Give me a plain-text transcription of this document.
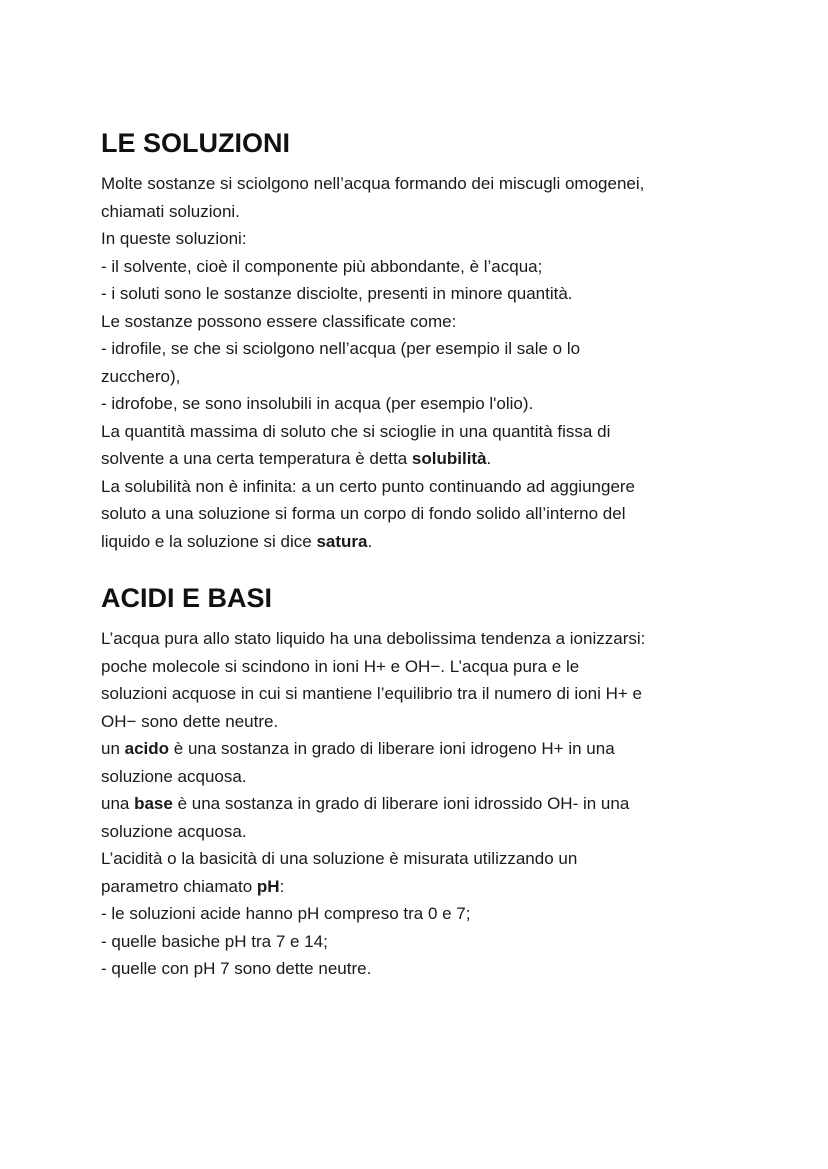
LE SOLUZIONI

Molte sostanze si sciolgono nell’acqua formando dei miscugli omogenei,

chiamati soluzioni.

In queste soluzioni:

- il solvente, cioè il componente più abbondante, è l’acqua;

- i soluti sono le sostanze disciolte, presenti in minore quantità.

Le sostanze possono essere classificate come:

- idrofile, se che si sciolgono nell’acqua (per esempio il sale o lo

zucchero),

- idrofobe, se sono insolubili in acqua (per esempio l'olio).

La quantità massima di soluto che si scioglie in una quantità fissa di

solvente a una certa temperatura è detta solubilità.

La solubilità non è infinita: a un certo punto continuando ad aggiungere

soluto a una soluzione si forma un corpo di fondo solido all’interno del

liquido e la soluzione si dice satura.

ACIDI E BASI

L’acqua pura allo stato liquido ha una debolissima tendenza a ionizzarsi:

poche molecole si scindono in ioni H+ e OH−. L’acqua pura e le

soluzioni acquose in cui si mantiene l’equilibrio tra il numero di ioni H+ e

OH− sono dette neutre.

un acido è una sostanza in grado di liberare ioni idrogeno H+ in una

soluzione acquosa.

una base è una sostanza in grado di liberare ioni idrossido OH- in una

soluzione acquosa.

L’acidità o la basicità di una soluzione è misurata utilizzando un

parametro chiamato pH:

- le soluzioni acide hanno pH compreso tra 0 e 7;

- quelle basiche pH tra 7 e 14;

- quelle con pH 7 sono dette neutre.
